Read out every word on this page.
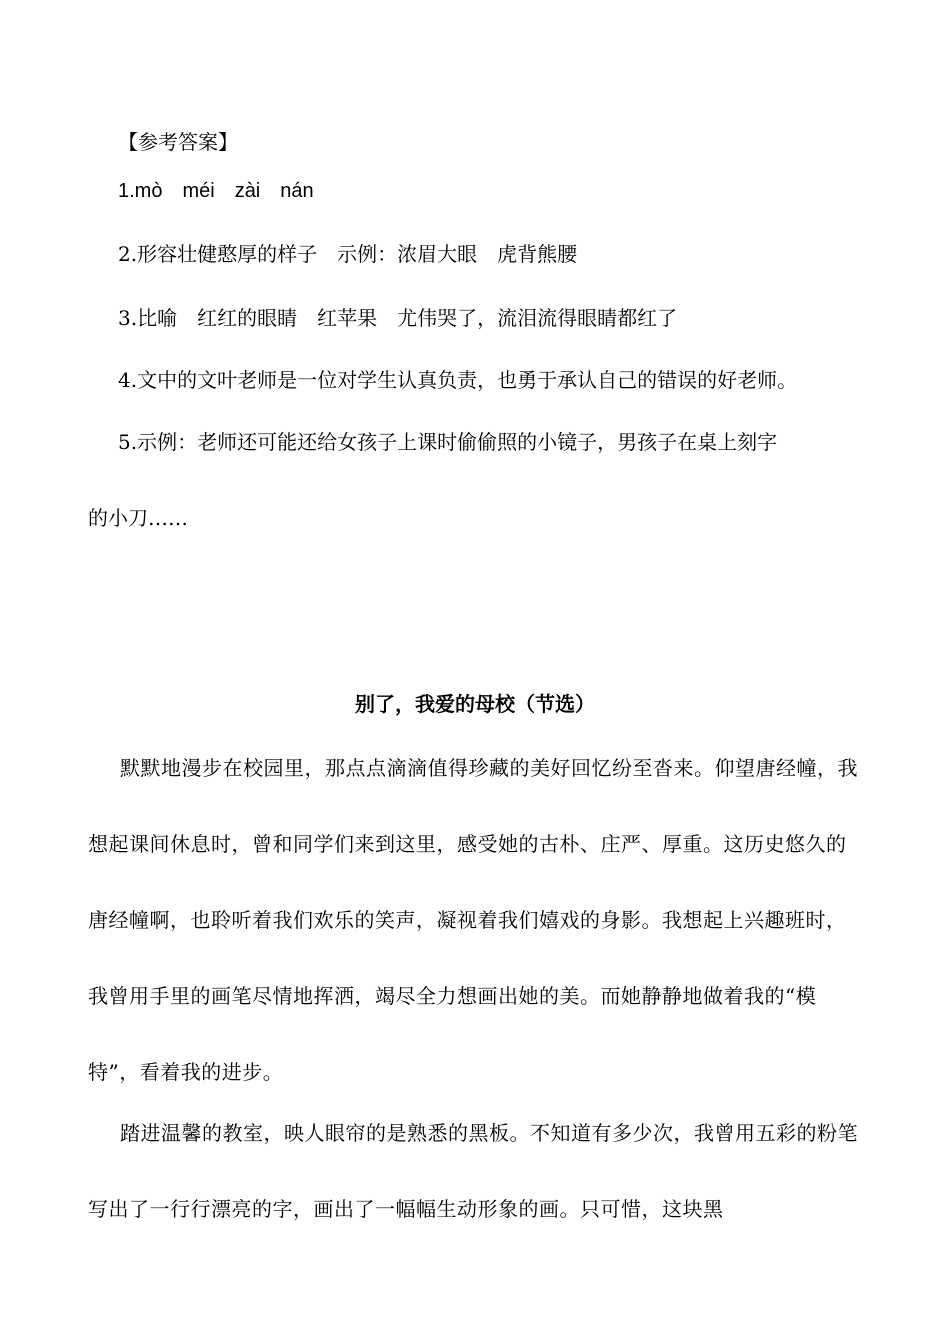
【参考答案】
1.mò　méi　zài　nán
2.形容壮健憨厚的样子　示例：浓眉大眼　虎背熊腰
3.比喻　红红的眼睛　红苹果　尤伟哭了，流泪流得眼睛都红了
4.文中的文叶老师是一位对学生认真负责，也勇于承认自己的错误的好老师。
5.示例：老师还可能还给女孩子上课时偷偷照的小镜子，男孩子在桌上刻字
的小刀……
别了，我爱的母校（节选）
默默地漫步在校园里，那点点滴滴值得珍藏的美好回忆纷至沓来。仰望唐经幢，我想起课间休息时，曾和同学们来到这里，感受她的古朴、庄严、厚重。这历史悠久的唐经幢啊，也聆听着我们欢乐的笑声，凝视着我们嬉戏的身影。我想起上兴趣班时，我曾用手里的画笔尽情地挥洒，竭尽全力想画出她的美。而她静静地做着我的“模特”，看着我的进步。
踏进温馨的教室，映人眼帘的是熟悉的黑板。不知道有多少次，我曾用五彩的粉笔写出了一行行漂亮的字，画出了一幅幅生动形象的画。只可惜，这块黑
